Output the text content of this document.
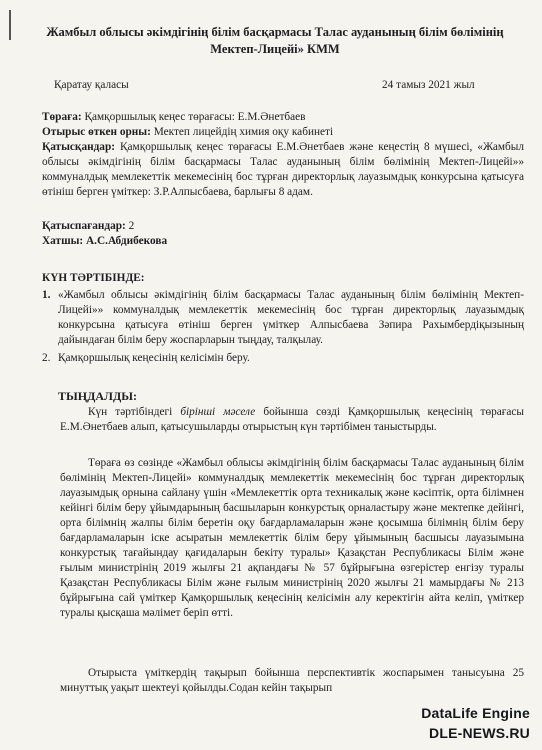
Жамбыл облысы әкімдігінің білім басқармасы Талас ауданының білім бөлімінің
Мектеп-Лицейі» КММ
Қаратау қаласы	24 тамыз 2021 жыл
Төраға: Қамқоршылық кеңес төрағасы: Е.М.Әнетбаев
Отырыс өткен орны: Мектеп лицейдің химия оқу кабинеті
Қатысқандар: Қамқоршылық кеңес төрағасы Е.М.Әнетбаев және кеңестің 8 мүшесі, «Жамбыл облысы әкімдігінің білім басқармасы Талас ауданының білім бөлімінің Мектеп-Лицейі»» коммуналдық мемлекеттік мекемесінің бос тұрған директорлық лауазымдық конкурсына қатысуға өтініш берген үміткер: З.Р.Алпысбаева, барлығы 8 адам.
Қатыспағандар: 2
Хатшы: А.С.Абдибекова
КҮН ТӘРТІБІНДЕ:
1. «Жамбыл облысы әкімдігінің білім басқармасы Талас ауданының білім бөлімінің Мектеп-Лицейі»» коммуналдық мемлекеттік мекемесінің бос тұрған директорлық лауазымдық конкурсына қатысуға өтініш берген үміткер Алпысбаева Зәпира Рахымбердіқызының дайындаған білім беру жоспарларын тыңдау, талқылау.
2. Қамқоршылық кеңесінің келісімін беру.
ТЫҢДАЛДЫ:
Күн тәртібіндегі бірінші мәселе бойынша сөзді Қамқоршылық кеңесінің төрағасы Е.М.Әнетбаев алып, қатысушыларды отырыстың күн тәртібімен таныстырды.
Төраға өз сөзінде «Жамбыл облысы әкімдігінің білім басқармасы Талас ауданының білім бөлімінің Мектеп-Лицейі» коммуналдық мемлекеттік мекемесінің бос тұрған директорлық лауазымдық орнына сайлану үшін «Мемлекеттік орта техникалық және кәсіптік, орта білімнен кейінгі білім беру ұйымдарының басшыларын конкурстық орналастыру және мектепке дейінгі, орта білімнің жалпы білім беретін оқу бағдарламаларын және қосымша білімнің білім беру бағдарламаларын іске асыратын мемлекеттік білім беру ұйымының басшысы лауазымына конкурстық тағайындау қағидаларын бекіту туралы» Қазақстан Республикасы Білім және ғылым министрінің 2019 жылғы 21 ақпандағы № 57 бұйрығына өзгерістер енгізу туралы Қазақстан Республикасы Білім және ғылым министрінің 2020 жылғы 21 мамырдағы № 213 бұйрығына сай үміткер Қамқоршылық кеңесінің келісімін алу керектігін айта келіп, үміткер туралы қысқаша мәлімет беріп өтті.
Отырыста үміткердің тақырып бойынша перспективтік жоспарымен танысуына 25 минуттық уақыт шектеуі қойылды.Содан кейін тақырып
DataLife Engine
DLE-NEWS.RU
